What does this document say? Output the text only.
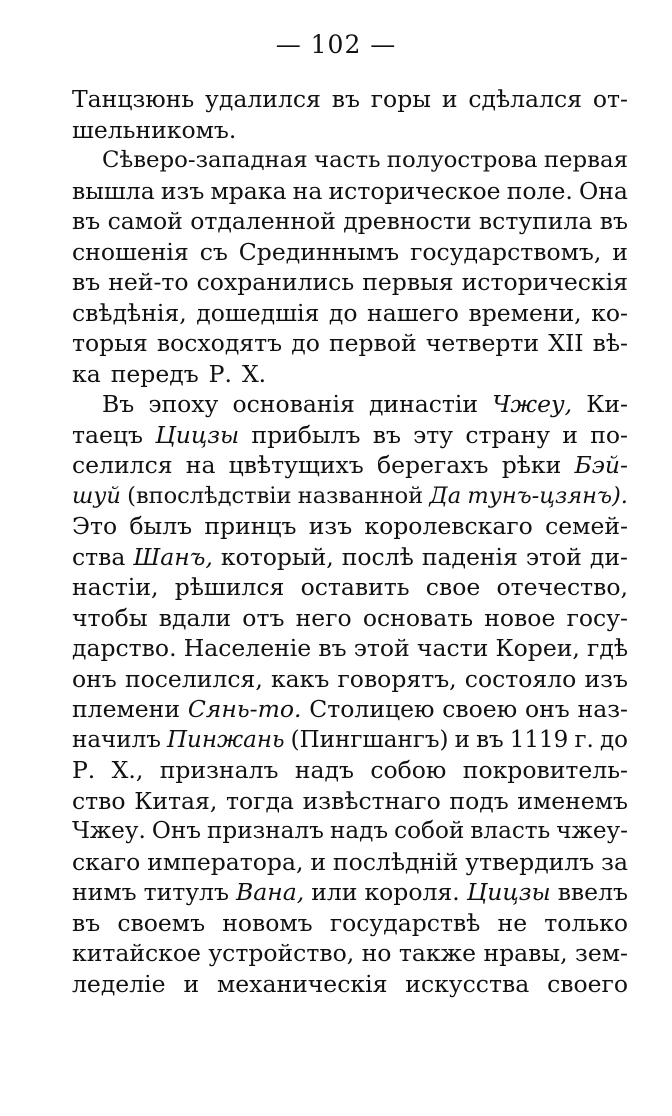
— 102 —
Танцзюнь удалился въ горы и сдѣлался от-
шельникомъ.
Сѣверо-западная часть полуострова первая
вышла изъ мрака на историческое поле. Она
въ самой отдаленной древности вступила въ
сношенія съ Срединнымъ государствомъ, и
въ ней-то сохранились первыя историческія
свѣдѣнія, дошедшія до нашего времени, ко-
торыя восходятъ до первой четверти XII вѣ-
ка передъ Р. Х.
Въ эпоху основанія династіи Чжеу, Ки-
таецъ Цицзы прибылъ въ эту страну и по-
селился на цвѣтущихъ берегахъ рѣки Бэй-
шуй (впослѣдствіи названной Да тунъ-цзянъ).
Это былъ принцъ изъ королевскаго семей-
ства Шанъ, который, послѣ паденія этой ди-
настіи, рѣшился оставить свое отечество,
чтобы вдали отъ него основать новое госу-
дарство. Населеніе въ этой части Кореи, гдѣ
онъ поселился, какъ говорятъ, состояло изъ
племени Сянь-то. Столицею своею онъ наз-
начилъ Пинжань (Пингшангъ) и въ 1119 г. до
Р. Х., призналъ надъ собою покровитель-
ство Китая, тогда извѣстнаго подъ именемъ
Чжеу. Онъ призналъ надъ собой власть чжеу-
скаго императора, и послѣдній утвердилъ за
нимъ титулъ Вана, или короля. Цицзы ввелъ
въ своемъ новомъ государствѣ не только
китайское устройство, но также нравы, зем-
леделіе и механическія искусства своего
